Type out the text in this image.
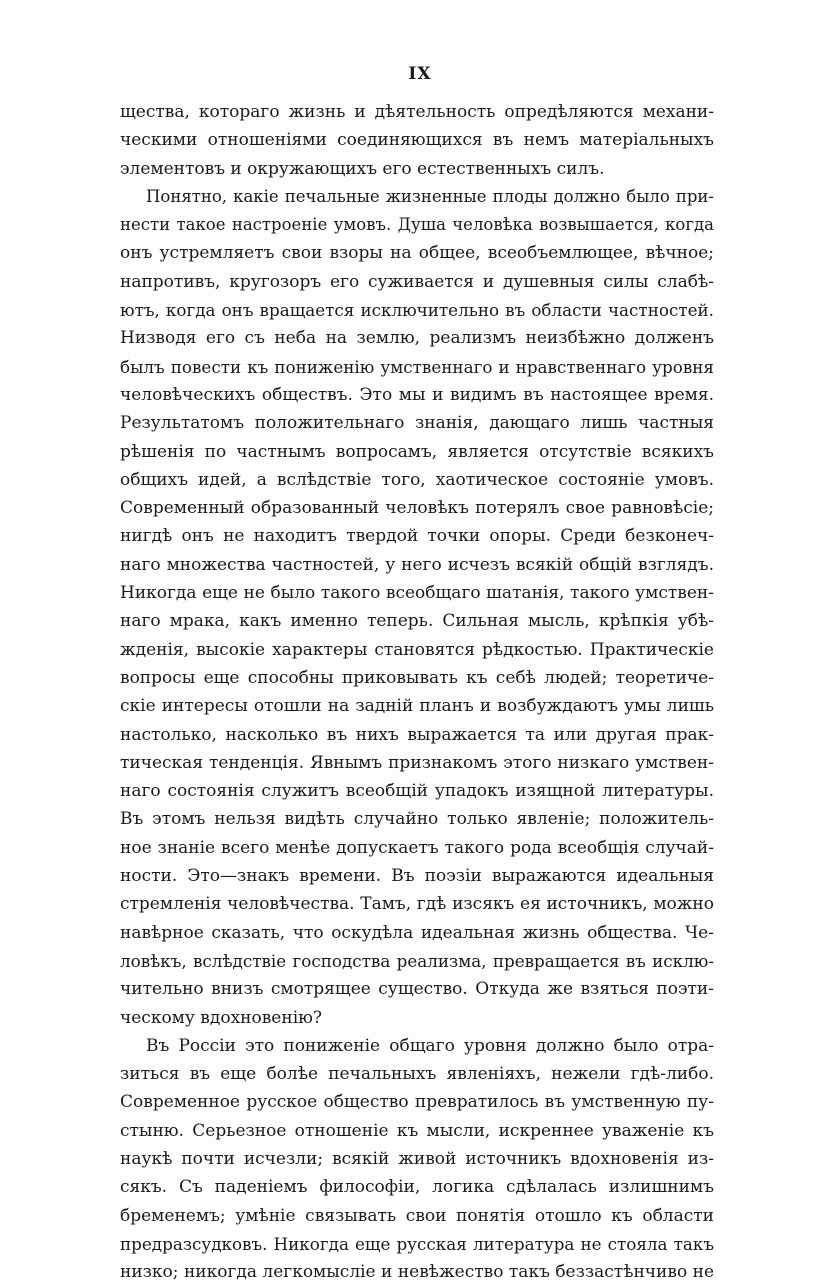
IX
щества, котораго жизнь и дѣятельность опредѣляются механи-
ческими отношеніями соединяющихся въ немъ матеріальныхъ
элементовъ и окружающихъ его естественныхъ силъ.
Понятно, какіе печальные жизненные плоды должно было при-
нести такое настроеніе умовъ. Душа человѣка возвышается, когда
онъ устремляетъ свои взоры на общее, всеобъемлющее, вѣчное;
напротивъ, кругозоръ его суживается и душевныя силы слабѣ-
ютъ, когда онъ вращается исключительно въ области частностей.
Низводя его съ неба на землю, реализмъ неизбѣжно долженъ
былъ повести къ пониженію умственнаго и нравственнаго уровня
человѣческихъ обществъ. Это мы и видимъ въ настоящее время.
Результатомъ положительнаго знанія, дающаго лишь частныя
рѣшенія по частнымъ вопросамъ, является отсутствіе всякихъ
общихъ идей, а вслѣдствіе того, хаотическое состояніе умовъ.
Современный образованный человѣкъ потерялъ свое равновѣсіе;
нигдѣ онъ не находитъ твердой точки опоры. Среди безконеч-
наго множества частностей, у него исчезъ всякій общій взглядъ.
Никогда еще не было такого всеобщаго шатанія, такого умствен-
наго мрака, какъ именно теперь. Сильная мысль, крѣпкія убѣ-
жденія, высокіе характеры становятся рѣдкостью. Практическіе
вопросы еще способны приковывать къ себѣ людей; теоретиче-
скіе интересы отошли на задній планъ и возбуждаютъ умы лишь
настолько, насколько въ нихъ выражается та или другая прак-
тическая тенденція. Явнымъ признакомъ этого низкаго умствен-
наго состоянія служитъ всеобщій упадокъ изящной литературы.
Въ этомъ нельзя видѣть случайно только явленіе; положитель-
ное знаніе всего менѣе допускаетъ такого рода всеобщія случай-
ности. Это—знакъ времени. Въ поэзіи выражаются идеальныя
стремленія человѣчества. Тамъ, гдѣ изсякъ ея источникъ, можно
навѣрное сказать, что оскудѣла идеальная жизнь общества. Че-
ловѣкъ, вслѣдствіе господства реализма, превращается въ исклю-
чительно внизъ смотрящее существо. Откуда же взяться поэти-
ческому вдохновенію?
Въ Россіи это пониженіе общаго уровня должно было отра-
зиться въ еще болѣе печальныхъ явленіяхъ, нежели гдѣ-либо.
Современное русское общество превратилось въ умственную пу-
стыню. Серьезное отношеніе къ мысли, искреннее уваженіе къ
наукѣ почти исчезли; всякій живой источникъ вдохновенія из-
сякъ. Съ паденіемъ философіи, логика сдѣлалась излишнимъ
бременемъ; умѣніе связывать свои понятія отошло къ области
предразсудковъ. Никогда еще русская литература не стояла такъ
низко; никогда легкомысліе и невѣжество такъ беззастѣнчиво не
